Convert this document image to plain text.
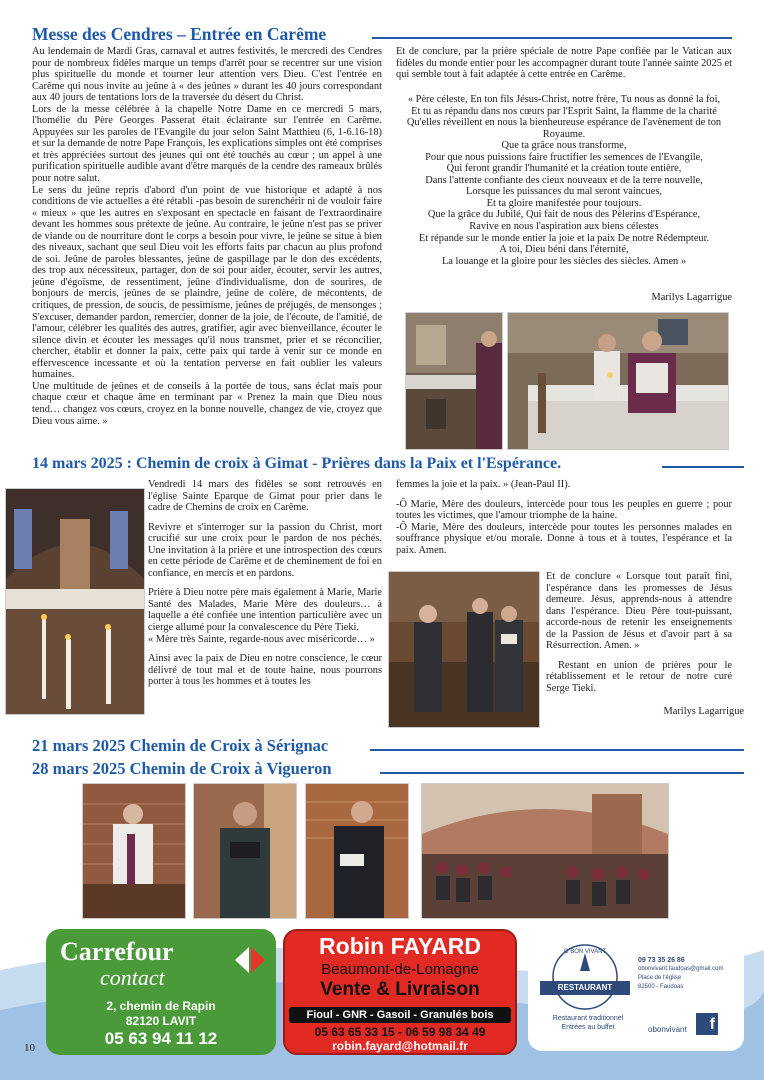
Messe des Cendres – Entrée en Carême

Au lendemain de Mardi Gras, carnaval et autres festivités, le mercredi des Cendres pour de nombreux fidèles marque un temps d'arrêt pour se recentrer sur une vision plus spirituelle du monde et tourner leur attention vers Dieu. C'est l'entrée en Carême qui nous invite au jeûne à « des jeûnes » durant les 40 jours correspondant aux 40 jours de tentations lors de la traversée du désert du Christ.

Lors de la messe célébrée à la chapelle Notre Dame en ce mercredi 5 mars, l'homélie du Père Georges Passerat était éclairante sur l'entrée en Carême. Appuyées sur les paroles de l'Evangile du jour selon Saint Matthieu (6, 1-6.16-18) et sur la demande de notre Pape François, les explications simples ont été comprises et très appréciées surtout des jeunes qui ont été touchés au cœur ; un appel à une purification spirituelle audible avant d'être marqués de la cendre des rameaux brûlés pour notre salut.

Le sens du jeûne repris d'abord d'un point de vue historique et adapté à nos conditions de vie actuelles a été rétabli -pas besoin de surenchérir ni de vouloir faire « mieux » que les autres en s'exposant en spectacle en faisant de l'extraordinaire devant les hommes sous prétexte de jeûne. Au contraire, le jeûne n'est pas se priver de viande ou de nourriture dont le corps a besoin pour vivre, le jeûne se situe à bien des niveaux, sachant que seul Dieu voit les efforts faits par chacun au plus profond de soi. Jeûne de paroles blessantes, jeûne de gaspillage par le don des excédents, des trop aux nécessiteux, partager, don de soi pour aider, écouter, servir les autres, jeûne d'égoïsme, de ressentiment, jeûne d'individualisme, don de sourires, de bonjours de mercis, jeûnes de se plaindre, jeûne de colère, de mécontents, de critiques, de pression, de soucis, de pessimisme, jeûnes de préjugés, de mensonges ; S'excuser, demander pardon, remercier, donner de la joie, de l'écoute, de l'amitié, de l'amour, célébrer les qualités des autres, gratifier, agir avec bienveillance, écouter le silence divin et écouter les messages qu'il nous transmet, prier et se réconcilier, chercher, établir et donner la paix, cette paix qui tarde à venir sur ce monde en effervescence incessante et où la tentation perverse en fait oublier les valeurs humaines.

Une multitude de jeûnes et de conseils à la portée de tous, sans éclat mais pour chaque cœur et chaque âme en terminant par « Prenez la main que Dieu nous tend… changez vos cœurs, croyez en la bonne nouvelle, changez de vie, croyez que Dieu vous aime. »

Et de conclure, par la prière spéciale de notre Pape confiée par le Vatican aux fidèles du monde entier pour les accompagner durant toute l'année sainte 2025 et qui semble tout à fait adaptée à cette entrée en Carême.

« Père céleste, En ton fils Jésus-Christ, notre frère, Tu nous as donné la foi,

Et tu as répandu dans nos cœurs par l'Esprit Saint, la flamme de la charité

Qu'elles réveillent en nous la bienheureuse espérance de l'avènement de ton Royaume.

Que ta grâce nous transforme,

Pour que nous puissions faire fructifier les semences de l'Evangile,

Qui feront grandir l'humanité et la création toute entière,

Dans l'attente confiante des cieux nouveaux et de la terre nouvelle,

Lorsque les puissances du mal seront vaincues,

Et ta gloire manifestée pour toujours.

Que la grâce du Jubilé, Qui fait de nous des Pèlerins d'Espérance,

Ravive en nous l'aspiration aux biens célestes

Et répande sur le monde entier la joie et la paix De notre Rédempteur.

A toi, Dieu béni dans l'éternité,

La louange et la gloire pour les siècles des siècles. Amen »

Marilys Lagarrigue
14 mars 2025 : Chemin de croix à Gimat - Prières dans la Paix et l'Espérance.

Vendredi 14 mars des fidèles se sont retrouvés en l'église Sainte Eparque de Gimat pour prier dans le cadre de Chemins de croix en Carême.

Revivre et s'interroger sur la passion du Christ, mort crucifié sur une croix pour le pardon de nos péchés. Une invitation à la prière et une introspection des cœurs en cette période de Carême et de cheminement de foi en confiance, en mercis et en pardons.

Prière à Dieu notre père mais également à Marie, Marie Santé des Malades, Marie Mère des douleurs… à laquelle a été confiée une intention particulière avec un cierge allumé pour la convalescence du Père Tieki.

« Mère très Sainte, regarde-nous avec miséricorde… »

Ainsi avec la paix de Dieu en notre conscience, le cœur délivré de tout mal et de toute haine, nous pourrons porter à tous les hommes et à toutes les

femmes la joie et la paix. » (Jean-Paul II).

-Ô Marie, Mère des douleurs, intercède pour tous les peuples en guerre ; pour toutes les victimes, que l'amour triomphe de la haine.

-Ô Marie, Mère des douleurs, intercède pour toutes les personnes malades en souffrance physique et/ou morale. Donne à tous et à toutes, l'espérance et la paix. Amen.

Et de conclure « Lorsque tout paraît fini, l'espérance dans les promesses de Jésus demeure. Jésus, apprends-nous à attendre dans l'espérance. Dieu Père tout-puissant, accorde-nous de retenir les enseignements de la Passion de Jésus et d'avoir part à sa Résurrection. Amen. »

Restant en union de prières pour le rétablissement et le retour de notre curé Serge Tieki.

Marilys Lagarrigue
21 mars 2025 Chemin de Croix à Sérignac
28 mars 2025 Chemin de Croix à Vigueron
10
Carrefour
contact
2, chemin de Rapin
82120 LAVIT
05 63 94 11 12
Robin FAYARD
Beaumont-de-Lomagne
Vente & Livraison
Fioul - GNR - Gasoil - Granulés bois
05 63 65 33 15 - 06 59 98 34 49
robin.fayard@hotmail.fr
O BON VIVANT
RESTAURANT
09 73 35 26 86
obonvivant.faudoas@gmail.com
Place de l'église
82500 - Faudoas
Restaurant traditionnel
Entrées au buffet	obonvivant	f
